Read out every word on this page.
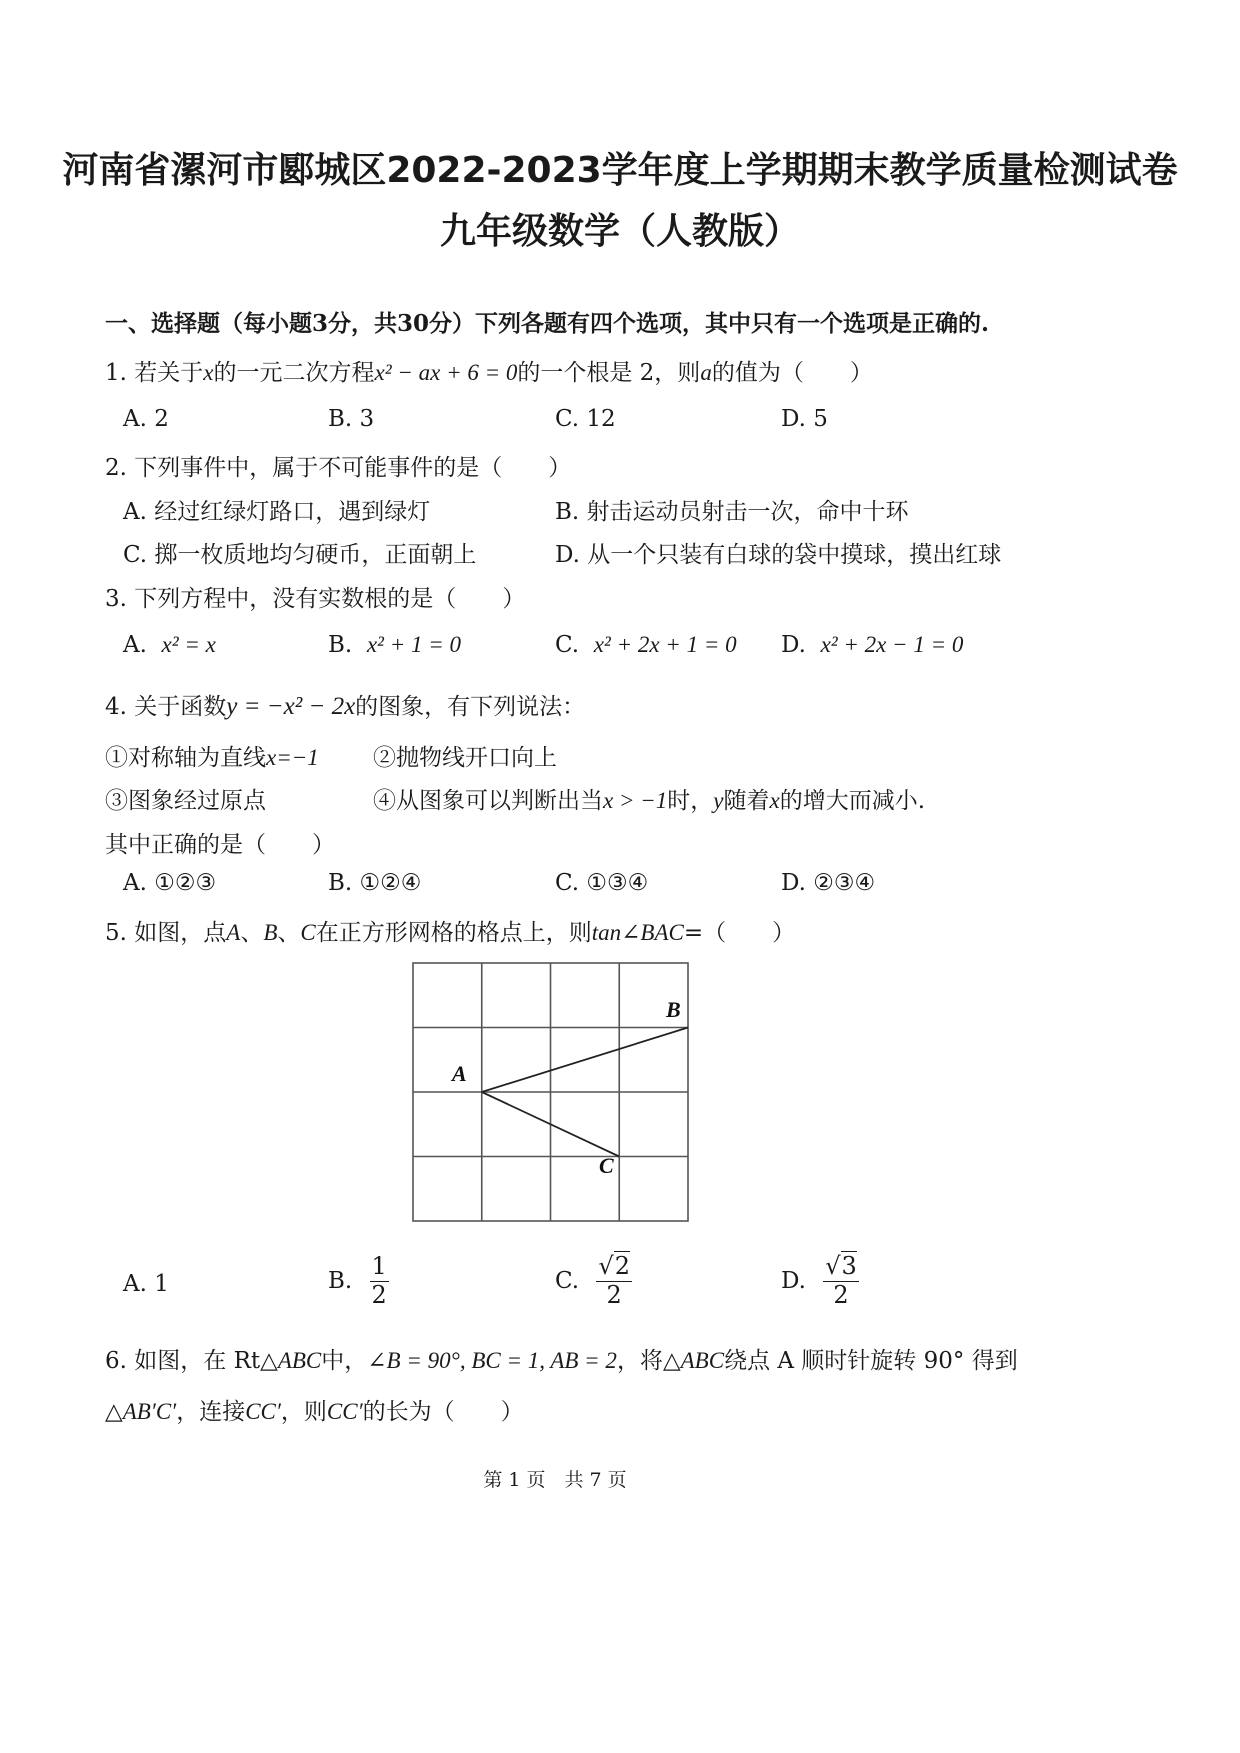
河南省漯河市郾城区2022-2023学年度上学期期末教学质量检测试卷
九年级数学（人教版）
一、选择题（每小题3分，共30分）下列各题有四个选项，其中只有一个选项是正确的.
1. 若关于x的一元二次方程x² − ax + 6 = 0的一个根是 2，则a的值为（　　）
A. 2	B. 3	C. 12	D. 5
2. 下列事件中，属于不可能事件的是（　　）
A. 经过红绿灯路口，遇到绿灯	B. 射击运动员射击一次，命中十环
C. 掷一枚质地均匀硬币，正面朝上	D. 从一个只装有白球的袋中摸球，摸出红球
3. 下列方程中，没有实数根的是（　　）
A. x² = x	B. x² + 1 = 0	C. x² + 2x + 1 = 0 D. x² + 2x − 1 = 0
4. 关于函数y = −x² − 2x的图象，有下列说法：
①对称轴为直线x=−1 ②抛物线开口向上
③图象经过原点	④从图象可以判断出当x > −1时，y随着x的增大而减小.
其中正确的是（　　）
A. ①②③	B. ①②④	C. ①③④	D. ②③④
5. 如图，点A、B、C在正方形网格的格点上，则tan∠BAC=（　　）
A
B
C
A. 1	B. $\frac{1}{2}$	C. $\frac{√2}{2}$	D. $\frac{√3}{2}$
6. 如图，在 Rt△ABC中，∠B = 90°, BC = 1, AB = 2，将△ABC绕点 A 顺时针旋转 90° 得到
△AB′C′，连接CC′，则CC′的长为（　　）
第 1 页　共 7 页
